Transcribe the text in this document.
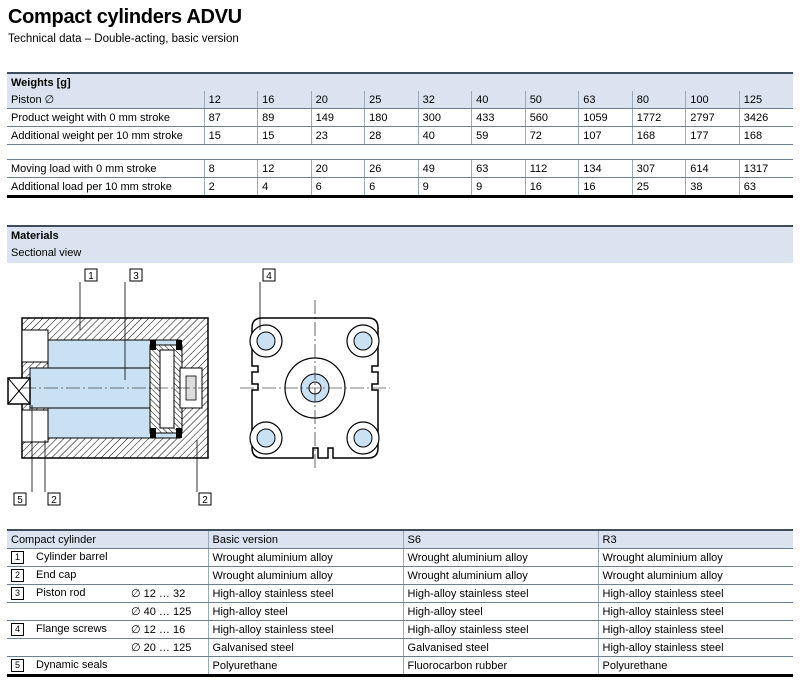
Compact cylinders ADVU
Technical data – Double-acting, basic version
Weights [g]											
Piston ∅	12	16	20	25	32	40	50	63	80	100	125
Product weight with 0 mm stroke	87	89	149	180	300	433	560	1059	1772	2797	3426
Additional weight per 10 mm stroke	15	15	23	28	40	59	72	107	168	177	168

Moving load with 0 mm stroke	8	12	20	26	49	63	112	134	307	614	1317
Additional load per 10 mm stroke	2	4	6	6	9	9	16	16	25	38	63
Materials
Sectional view
1	3	4
5	2	2
Compact cylinder		Basic version	S6	R3
1 Cylinder barrel		Wrought aluminium alloy	Wrought aluminium alloy	Wrought aluminium alloy
2 End cap		Wrought aluminium alloy	Wrought aluminium alloy	Wrought aluminium alloy
3 Piston rod	∅ 12 … 32	High-alloy stainless steel	High-alloy stainless steel	High-alloy stainless steel
	∅ 40 … 125	High-alloy steel	High-alloy steel	High-alloy stainless steel
4 Flange screws	∅ 12 … 16	High-alloy stainless steel	High-alloy stainless steel	High-alloy stainless steel
	∅ 20 … 125	Galvanised steel	Galvanised steel	High-alloy stainless steel
5 Dynamic seals		Polyurethane	Fluorocarbon rubber	Polyurethane
